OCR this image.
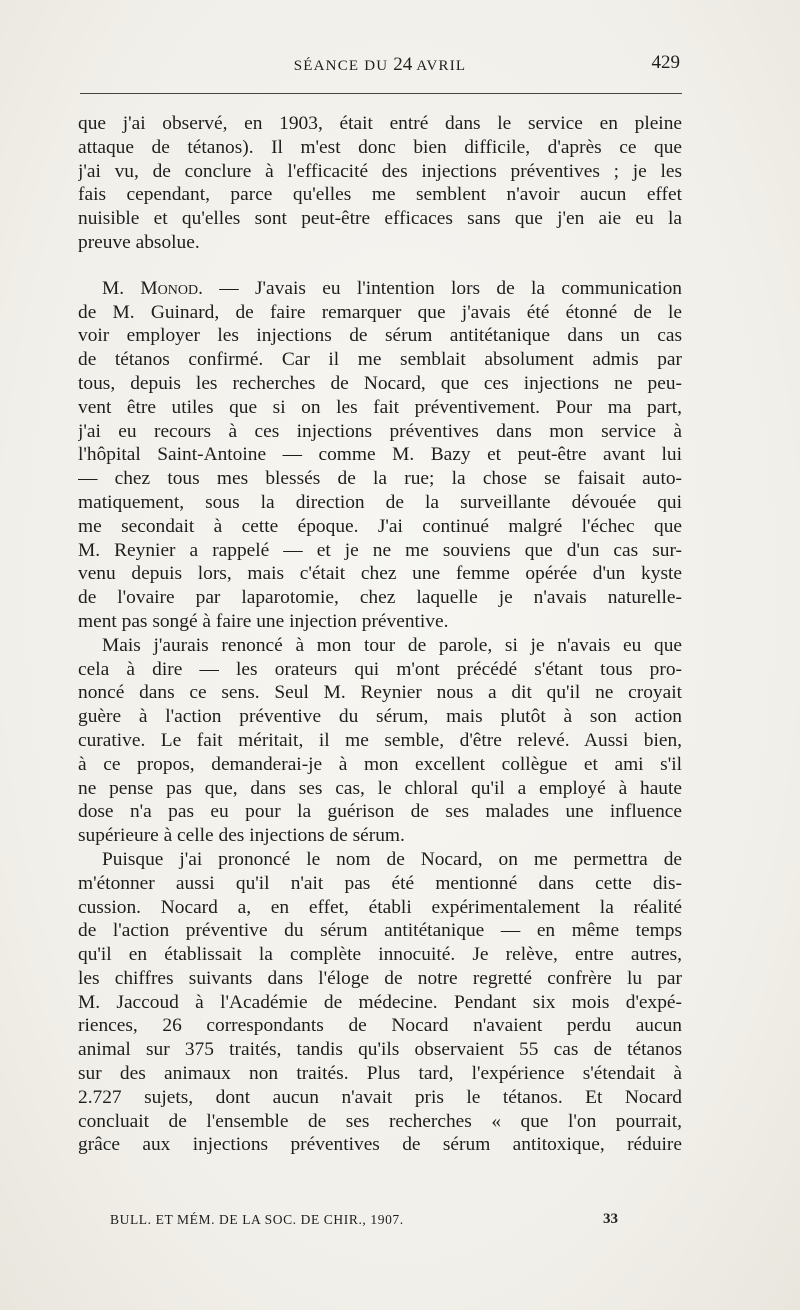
SÉANCE DU 24 AVRIL	429
que j'ai observé, en 1903, était entré dans le service en pleine
attaque de tétanos). Il m'est donc bien difficile, d'après ce que
j'ai vu, de conclure à l'efficacité des injections préventives ; je les
fais cependant, parce qu'elles me semblent n'avoir aucun effet
nuisible et qu'elles sont peut-être efficaces sans que j'en aie eu la
preuve absolue.
M. Monod. — J'avais eu l'intention lors de la communication
de M. Guinard, de faire remarquer que j'avais été étonné de le
voir employer les injections de sérum antitétanique dans un cas
de tétanos confirmé. Car il me semblait absolument admis par
tous, depuis les recherches de Nocard, que ces injections ne peu-
vent être utiles que si on les fait préventivement. Pour ma part,
j'ai eu recours à ces injections préventives dans mon service à
l'hôpital Saint-Antoine — comme M. Bazy et peut-être avant lui
— chez tous mes blessés de la rue; la chose se faisait auto-
matiquement, sous la direction de la surveillante dévouée qui
me secondait à cette époque. J'ai continué malgré l'échec que
M. Reynier a rappelé — et je ne me souviens que d'un cas sur-
venu depuis lors, mais c'était chez une femme opérée d'un kyste
de l'ovaire par laparotomie, chez laquelle je n'avais naturelle-
ment pas songé à faire une injection préventive.
Mais j'aurais renoncé à mon tour de parole, si je n'avais eu que
cela à dire — les orateurs qui m'ont précédé s'étant tous pro-
noncé dans ce sens. Seul M. Reynier nous a dit qu'il ne croyait
guère à l'action préventive du sérum, mais plutôt à son action
curative. Le fait méritait, il me semble, d'être relevé. Aussi bien,
à ce propos, demanderai-je à mon excellent collègue et ami s'il
ne pense pas que, dans ses cas, le chloral qu'il a employé à haute
dose n'a pas eu pour la guérison de ses malades une influence
supérieure à celle des injections de sérum.
Puisque j'ai prononcé le nom de Nocard, on me permettra de
m'étonner aussi qu'il n'ait pas été mentionné dans cette dis-
cussion. Nocard a, en effet, établi expérimentalement la réalité
de l'action préventive du sérum antitétanique — en même temps
qu'il en établissait la complète innocuité. Je relève, entre autres,
les chiffres suivants dans l'éloge de notre regretté confrère lu par
M. Jaccoud à l'Académie de médecine. Pendant six mois d'expé-
riences, 26 correspondants de Nocard n'avaient perdu aucun
animal sur 375 traités, tandis qu'ils observaient 55 cas de tétanos
sur des animaux non traités. Plus tard, l'expérience s'étendait à
2.727 sujets, dont aucun n'avait pris le tétanos. Et Nocard
concluait de l'ensemble de ses recherches « que l'on pourrait,
grâce aux injections préventives de sérum antitoxique, réduire
BULL. ET MÉM. DE LA SOC. DE CHIR., 1907.	33
